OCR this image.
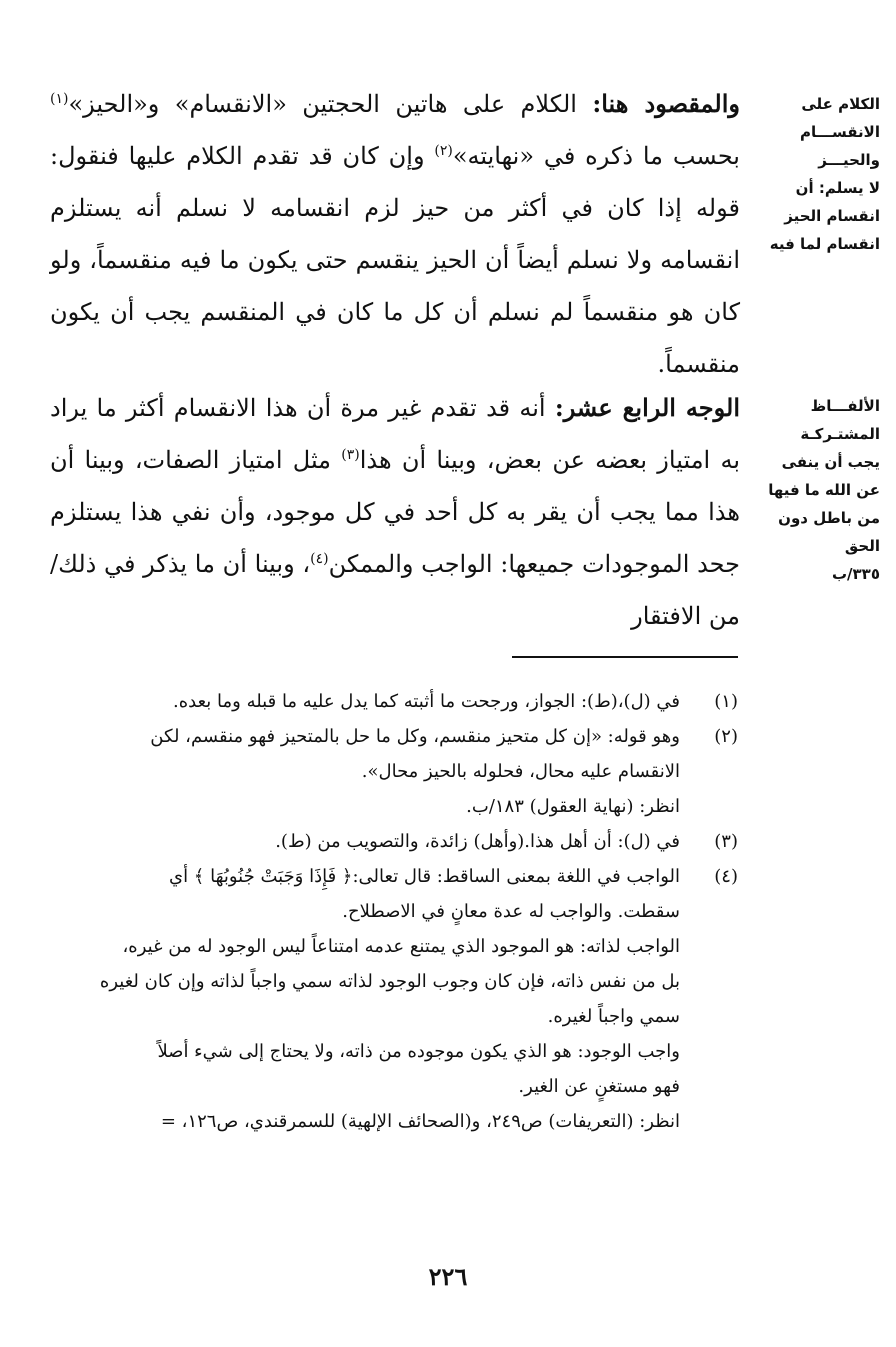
الكلام على
الانقســـام
والحيـــز
لا يسلم: أن
انقسام الحيز
انقسام لما فيه
الألفـــاظ
المشتـركـة
يجب أن ينفى
عن الله ما فيها
من باطل دون
الحق
٣٣٥/ب

والمقصود هنا: الكلام على هاتين الحجتين «الانقسام» و«الحيز»$^{(١)}$ بحسب ما ذكره في «نهايته»$^{(٢)}$ وإن كان قد تقدم الكلام عليها فنقول: قوله إذا كان في أكثر من حيز لزم انقسامه لا نسلم أنه يستلزم انقسامه ولا نسلم أيضاً أن الحيز ينقسم حتى يكون ما فيه منقسماً، ولو كان هو منقسماً لم نسلم أن كل ما كان في المنقسم يجب أن يكون منقسماً.

الوجه الرابع عشر: أنه قد تقدم غير مرة أن هذا الانقسام أكثر ما يراد به امتياز بعضه عن بعض، وبينا أن هذا$^{(٣)}$ مثل امتياز الصفات، وبينا أن هذا مما يجب أن يقر به كل أحد في كل موجود، وأن نفي هذا يستلزم جحد الموجودات جميعها: الواجب والممكن$^{(٤)}$، وبينا أن ما يذكر في ذلك/ من الافتقار

(١)
في (ل)،(ط): الجواز، ورجحت ما أثبته كما يدل عليه ما قبله وما بعده.
(٢)
وهو قوله: «إن كل متحيز منقسم، وكل ما حل بالمتحيز فهو منقسم، لكن
الانقسام عليه محال، فحلوله بالحيز محال».
انظر: (نهاية العقول) ١٨٣/ب.
(٣)
في (ل): أن أهل هذا.(وأهل) زائدة، والتصويب من (ط).
(٤)
الواجب في اللغة بمعنى الساقط: قال تعالى:﴿ فَإِذَا وَجَبَتْ جُنُوبُهَا ﴾ أي
سقطت. والواجب له عدة معانٍ في الاصطلاح.
الواجب لذاته: هو الموجود الذي يمتنع عدمه امتناعاً ليس الوجود له من غيره،
بل من نفس ذاته، فإن كان وجوب الوجود لذاته سمي واجباً لذاته وإن كان لغيره
سمي واجباً لغيره.
واجب الوجود: هو الذي يكون موجوده من ذاته، ولا يحتاج إلى شيء أصلاً
فهو مستغنٍ عن الغير.
انظر: (التعريفات) ص٢٤٩، و(الصحائف الإلهية) للسمرقندي، ص١٢٦، =
٢٢٦
